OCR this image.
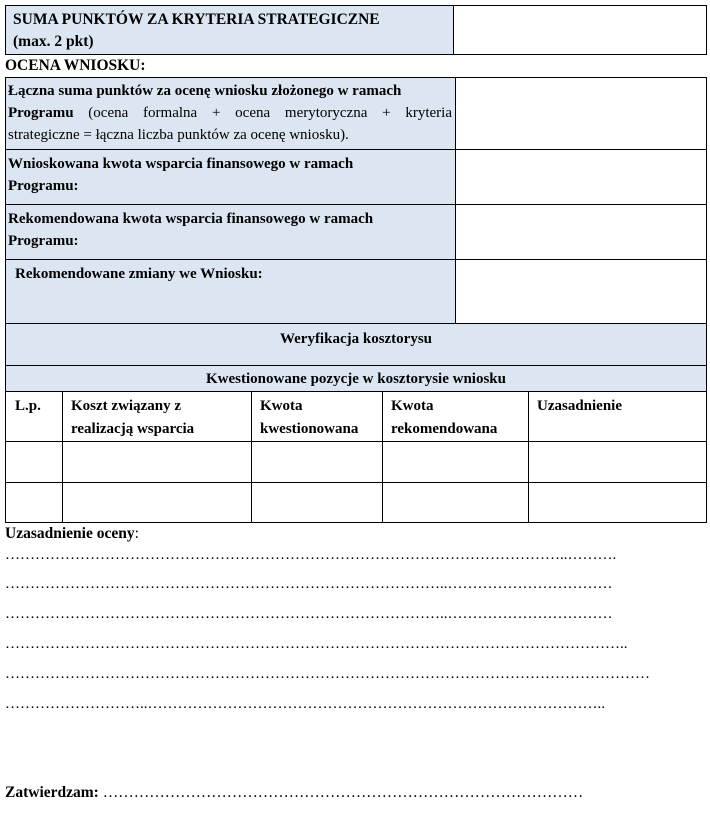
SUMA PUNKTÓW ZA KRYTERIA STRATEGICZNE
(max. 2 pkt)
OCENA WNIOSKU:
Łączna suma punktów za ocenę wniosku złożonego w ramach
Programu (ocena formalna + ocena merytoryczna + kryteria
strategiczne = łączna liczba punktów za ocenę wniosku).
Wnioskowana kwota wsparcia finansowego w ramach
Programu:
Rekomendowana kwota wsparcia finansowego w ramach
Programu:
Rekomendowane zmiany we Wniosku:
Weryfikacja kosztorysu
Kwestionowane pozycje w kosztorysie wniosku
L.p. Koszt związany z
realizacją wsparcia
Kwota
kwestionowana
Kwota
rekomendowana
Uzasadnienie
Uzasadnienie oceny:
…………………………………………………………………………………………………..……….
……………………………………………………………………………..……………………………
……………………………………………………………………………..……………………………
……………………………………………………………………………………………………………..
…………………………………………………………………………………………………………………
………………………..………………………………………………………………………………..
Zatwierdzam: …………………………………………………………………………………
